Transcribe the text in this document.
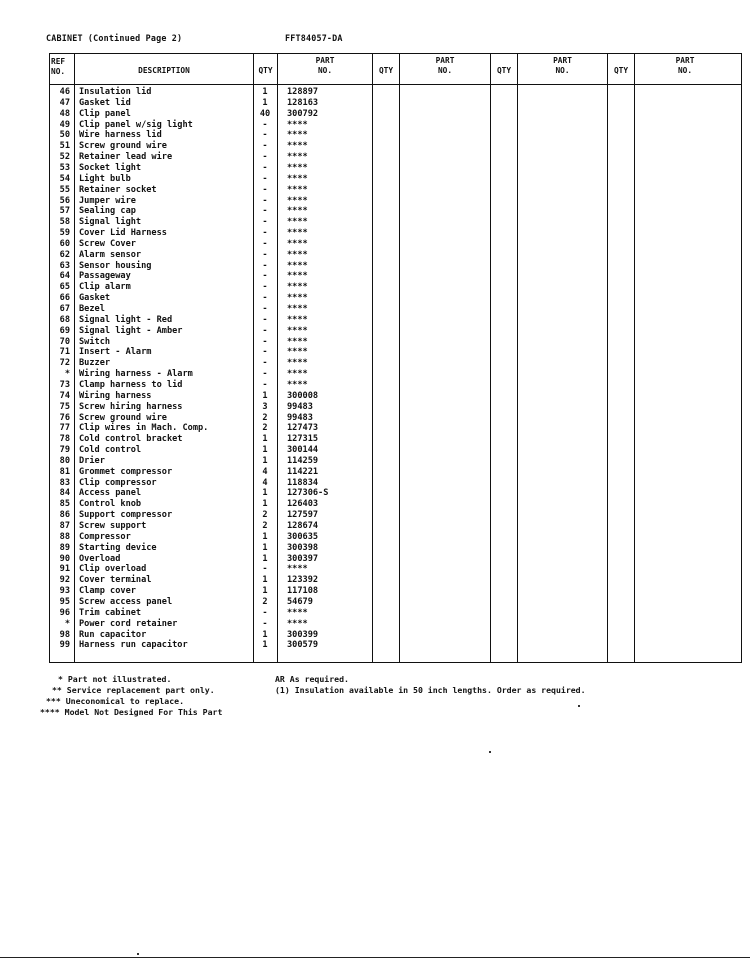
CABINET (Continued Page 2)	FFT84057-DA
REF
NO.	DESCRIPTION	QTY
PART
NO.	QTY
PART
NO.	QTY
PART
NO.	QTY
PART
NO.
46 Insulation lid	1	128897
47 Gasket lid	1	128163
48 Clip panel	40	300792
49 Clip panel w/sig light	-	****
50 Wire harness lid	-	****
51 Screw ground wire	-	****
52 Retainer lead wire	-	****
53 Socket light	-	****
54 Light bulb	-	****
55 Retainer socket	-	****
56 Jumper wire	-	****
57 Sealing cap	-	****
58 Signal light	-	****
59 Cover Lid Harness	-	****
60 Screw Cover	-	****
62 Alarm sensor	-	****
63 Sensor housing	-	****
64 Passageway	-	****
65 Clip alarm	-	****
66 Gasket	-	****
67 Bezel	-	****
68 Signal light - Red	-	****
69 Signal light - Amber	-	****
70 Switch	-	****
71 Insert - Alarm	-	****
72 Buzzer	-	****
* Wiring harness - Alarm	-	****
73 Clamp harness to lid	-	****
74 Wiring harness	1	300008
75 Screw hiring harness	3	99483
76 Screw ground wire	2	99483
77 Clip wires in Mach. Comp.	2	127473
78 Cold control bracket	1	127315
79 Cold control	1	300144
80 Drier	1	114259
81 Grommet compressor	4	114221
83 Clip compressor	4	118834
84 Access panel	1	127306-S
85 Control knob	1	126403
86 Support compressor	2	127597
87 Screw support	2	128674
88 Compressor	1	300635
89 Starting device	1	300398
90 Overload	1	300397
91 Clip overload	-	****
92 Cover terminal	1	123392
93 Clamp cover	1	117108
95 Screw access panel	2	54679
96 Trim cabinet	-	****
* Power cord retainer	-	****
98 Run capacitor	1	300399
99 Harness run capacitor	1	300579
* Part not illustrated.
** Service replacement part only.
*** Uneconomical to replace.
**** Model Not Designed For This Part
AR As required.
(1) Insulation available in 50 inch lengths. Order as required.
